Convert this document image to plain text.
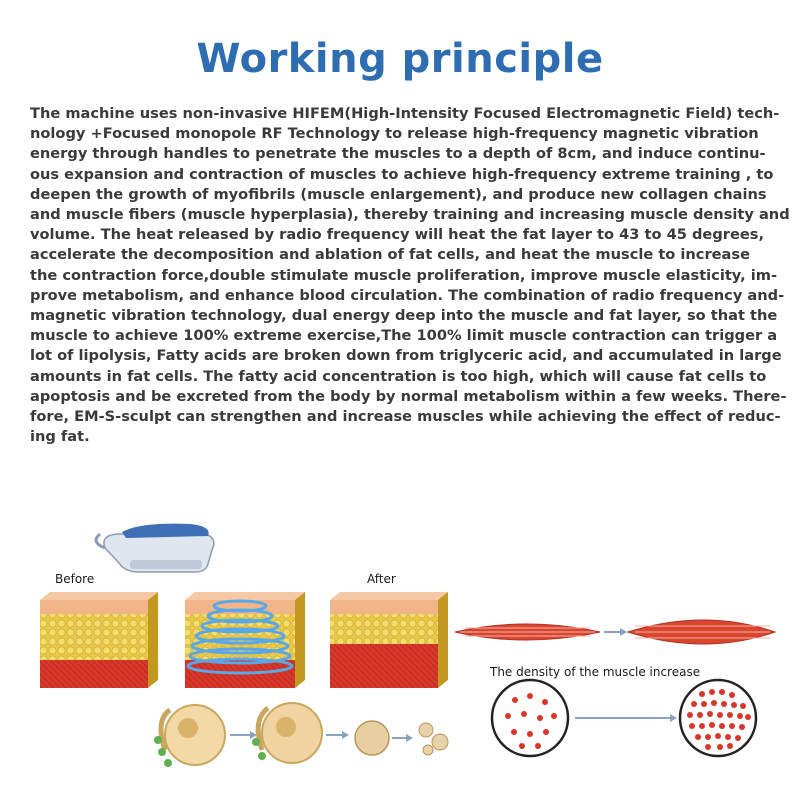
Working principle
The machine uses non-invasive HIFEM(High-Intensity Focused Electromagnetic Field) tech-
nology +Focused monopole RF Technology to release high-frequency magnetic vibration
energy through handles to penetrate the muscles to a depth of 8cm, and induce continu-
ous expansion and contraction of muscles to achieve high-frequency extreme training , to
deepen the growth of myofibrils (muscle enlargement), and produce new collagen chains
and muscle fibers (muscle hyperplasia), thereby training and increasing muscle density and
volume. The heat released by radio frequency will heat the fat layer to 43 to 45 degrees,
accelerate the decomposition and ablation of fat cells, and heat the muscle to increase
the contraction force,double stimulate muscle proliferation, improve muscle elasticity, im-
prove metabolism, and enhance blood circulation. The combination of radio frequency and-
magnetic vibration technology, dual energy deep into the muscle and fat layer, so that the
muscle to achieve 100% extreme exercise,The 100% limit muscle contraction can trigger a
lot of lipolysis, Fatty acids are broken down from triglyceric acid, and accumulated in large
amounts in fat cells. The fatty acid concentration is too high, which will cause fat cells to
apoptosis and be excreted from the body by normal metabolism within a few weeks. There-
fore, EM-S-sculpt can strengthen and increase muscles while achieving the effect of reduc-
ing fat.
Before	After
The density of the muscle increase
